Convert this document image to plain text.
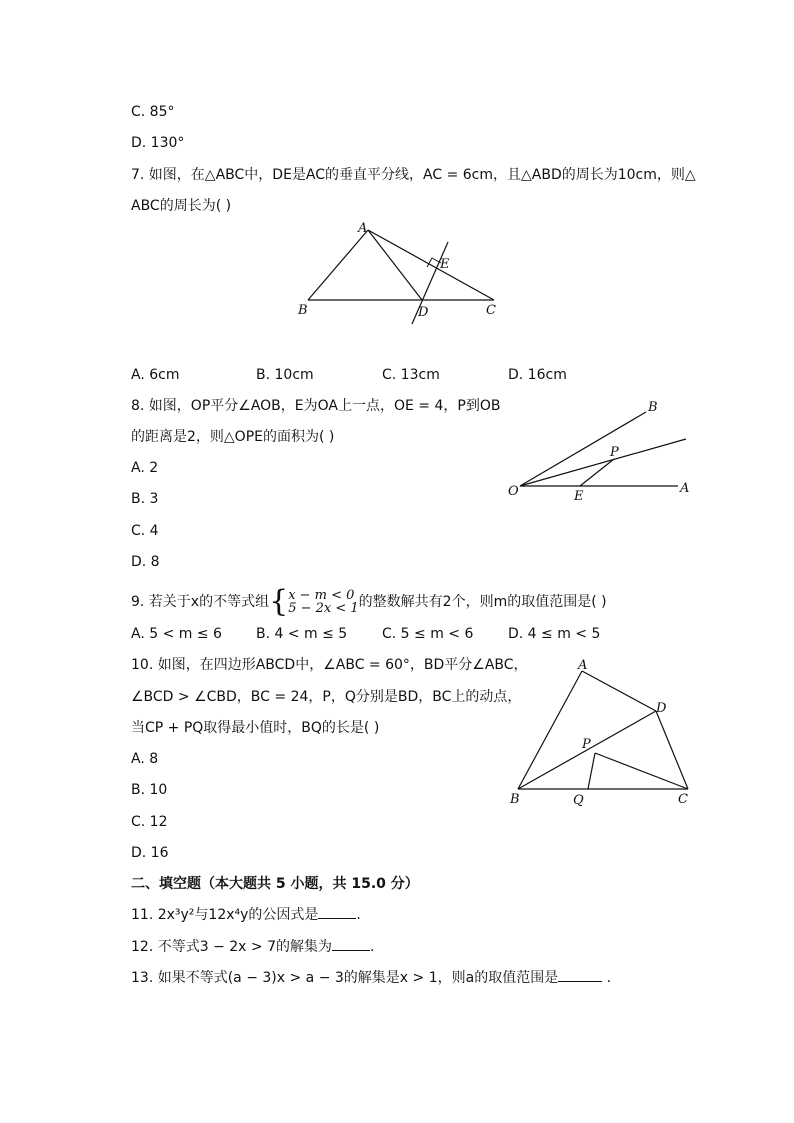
C. 85°
D. 130°
7. 如图，在△ABC中，DE是AC的垂直平分线，AC = 6cm，且△ABD的周长为10cm，则△
ABC的周长为( )
A
B	C
D
E
A. 6cm	B. 10cm	C. 13cm	D. 16cm
8. 如图，OP平分∠AOB，E为OA上一点，OE = 4，P到OB
的距离是2，则△OPE的面积为( )
A. 2
B. 3
C. 4
D. 8
O	A
B
P
E
9. 若关于x的不等式组{ x − m < 0
5 − 2x < 1 的整数解共有2个，则m的取值范围是( )
A. 5 < m ≤ 6 B. 4 < m ≤ 5 C. 5 ≤ m < 6 D. 4 ≤ m < 5
10. 如图，在四边形ABCD中，∠ABC = 60°，BD平分∠ABC，
∠BCD > ∠CBD，BC = 24，P，Q分别是BD，BC上的动点，
当CP + PQ取得最小值时，BQ的长是( )
A. 8
B. 10
C. 12
D. 16
A
B	C
D
P
Q
二、填空题（本大题共 5 小题，共 15.0 分）
11. 2x³y²与12x⁴y的公因式是	.
12. 不等式3 − 2x > 7的解集为	.
13. 如果不等式(a − 3)x > a − 3的解集是x > 1，则a的取值范围是	.
